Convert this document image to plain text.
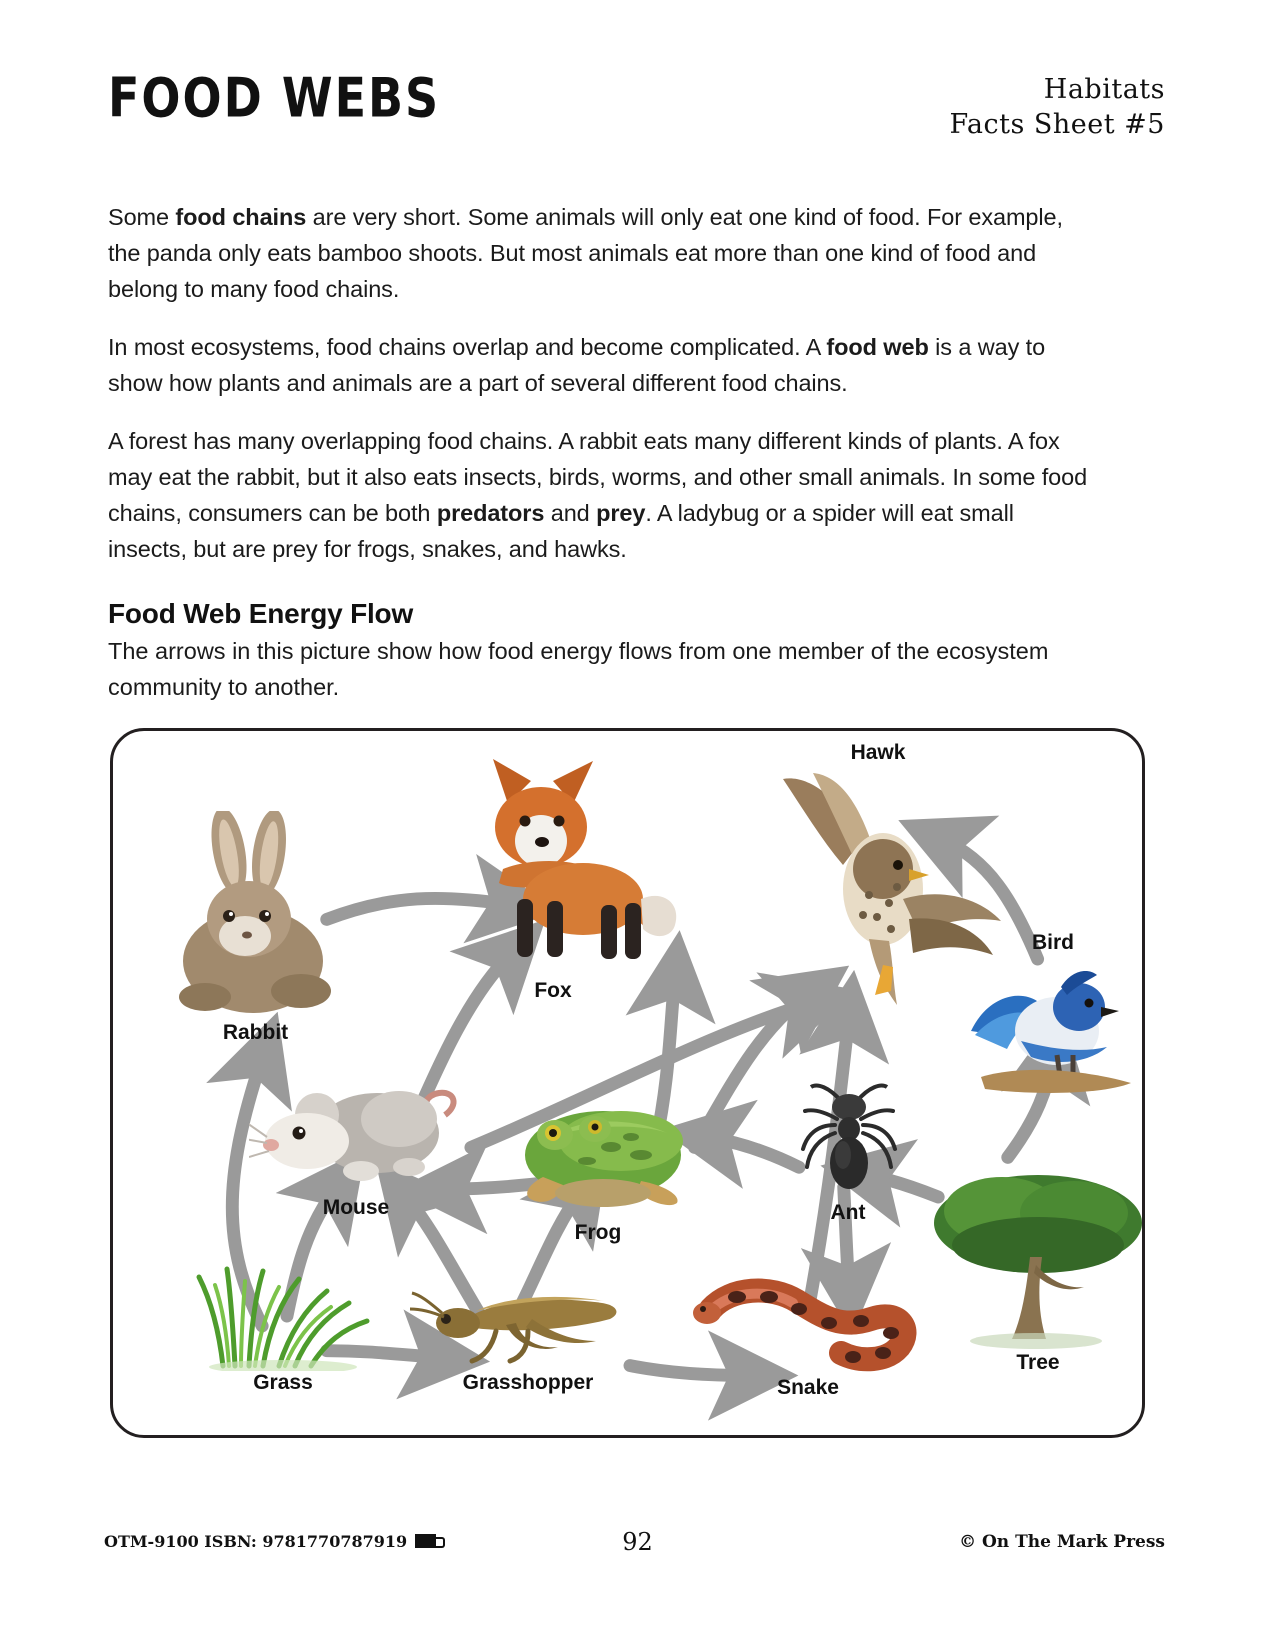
FOOD WEBS	Habitats
Facts Sheet #5

Some food chains are very short. Some animals will only eat one kind of food. For example, the panda only eats bamboo shoots. But most animals eat more than one kind of food and belong to many food chains.

In most ecosystems, food chains overlap and become complicated. A food web is a way to show how plants and animals are a part of several different food chains.

A forest has many overlapping food chains. A rabbit eats many different kinds of plants. A fox may eat the rabbit, but it also eats insects, birds, worms, and other small animals. In some food chains, consumers can be both predators and prey. A ladybug or a spider will eat small insects, but are prey for frogs, snakes, and hawks.

Food Web Energy Flow

The arrows in this picture show how food energy flows from one member of the ecosystem community to another.

Rabbit
Fox
Hawk
Bird
Mouse
Frog
Ant
Grass	Grasshopper	Snake
Tree
OTM-9100 ISBN: 9781770787919	92	© On The Mark Press
